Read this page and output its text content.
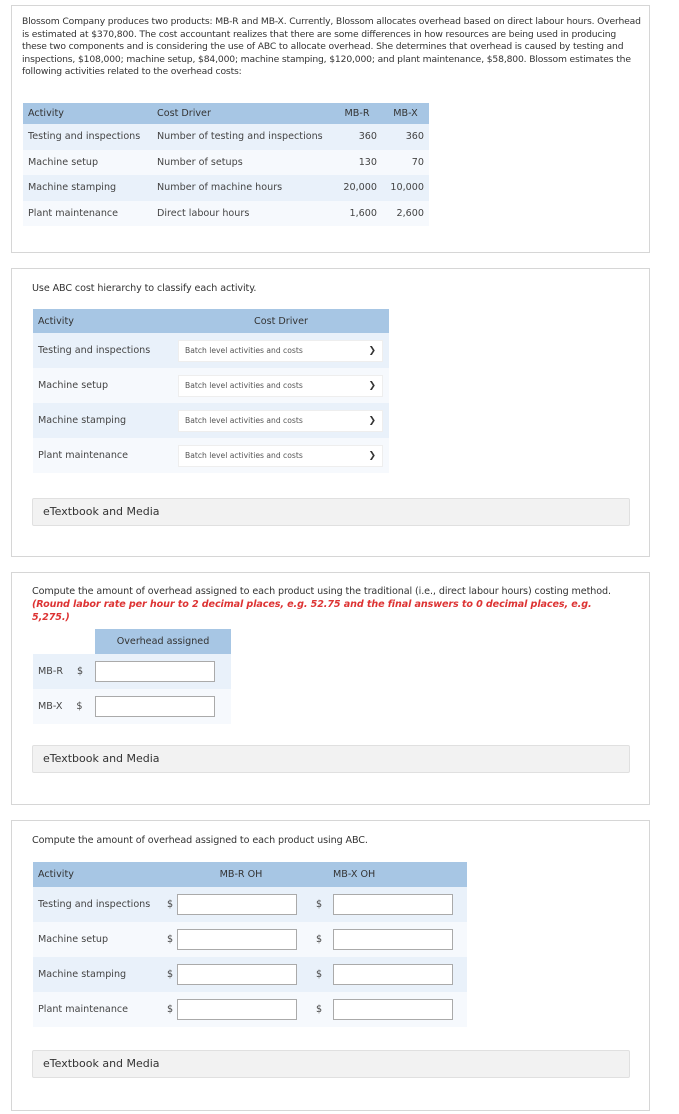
Blossom Company produces two products: MB-R and MB-X. Currently, Blossom allocates overhead based on direct labour hours. Overhead is estimated at $370,800. The cost accountant realizes that there are some differences in how resources are being used in producing these two components and is considering the use of ABC to allocate overhead. She determines that overhead is caused by testing and inspections, $108,000; machine setup, $84,000; machine stamping, $120,000; and plant maintenance, $58,800. Blossom estimates the following activities related to the overhead costs:

Activity	Cost Driver	MB-R	MB-X
Testing and inspections	Number of testing and inspections	360	360
Machine setup	Number of setups	130	70
Machine stamping	Number of machine hours	20,000	10,000
Plant maintenance	Direct labour hours	1,600	2,600

Use ABC cost hierarchy to classify each activity.

Activity	Cost Driver
Testing and inspections	Batch level activities and costs ❯

Machine setup	Batch level activities and costs ❯

Machine stamping	Batch level activities and costs ❯

Plant maintenance	Batch level activities and costs ❯
eTextbook and Media

Compute the amount of overhead assigned to each product using the traditional (i.e., direct labour hours) costing method. (Round labor rate per hour to 2 decimal places, e.g. 52.75 and the final answers to 0 decimal places, e.g. 5,275.)

	Overhead assigned
MB-R $	
MB-X $	
eTextbook and Media

Compute the amount of overhead assigned to each product using ABC.

Activity		MB-R OH		MB-X OH
Testing and inspections	$		$	
Machine setup	$		$	
Machine stamping	$		$	
Plant maintenance	$		$	
eTextbook and Media
